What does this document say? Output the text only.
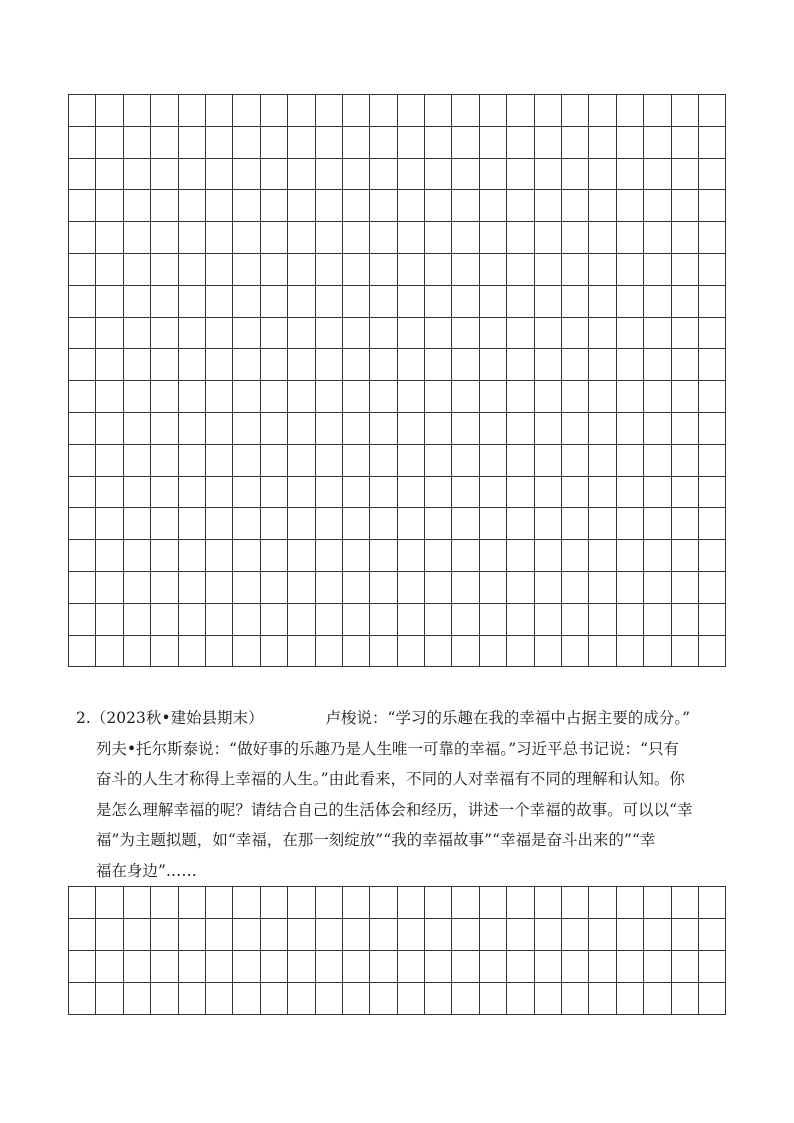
2.（2023秋•建始县期末）	卢梭说：“学习的乐趣在我的幸福中占据主要的成分。”
列夫•托尔斯泰说：“做好事的乐趣乃是人生唯一可靠的幸福。”习近平总书记说：“只有
奋斗的人生才称得上幸福的人生。”由此看来，不同的人对幸福有不同的理解和认知。你
是怎么理解幸福的呢？请结合自己的生活体会和经历，讲述一个幸福的故事。可以以“幸
福”为主题拟题，如“幸福，在那一刻绽放”“我的幸福故事”“幸福是奋斗出来的”“幸
福在身边”……
